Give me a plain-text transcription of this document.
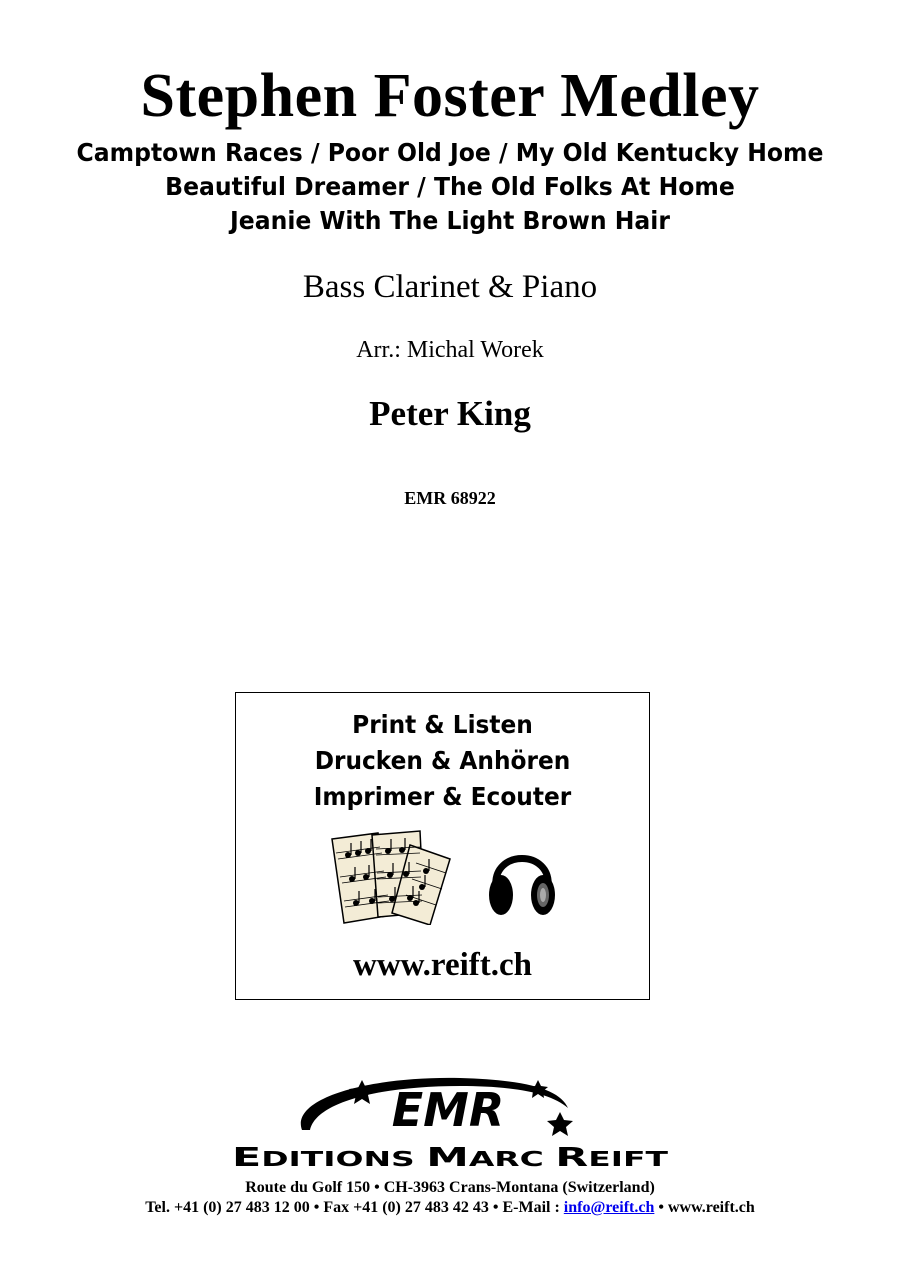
Stephen Foster Medley
Camptown Races / Poor Old Joe / My Old Kentucky Home
Beautiful Dreamer / The Old Folks At Home
Jeanie With The Light Brown Hair
Bass Clarinet & Piano
Arr.: Michal Worek
Peter King
EMR 68922
Print & Listen
Drucken & Anhören
Imprimer & Ecouter
www.reift.ch
EMR
E DITIONS M ARC R EIFT
Route du Golf 150 • CH-3963 Crans-Montana (Switzerland)
Tel. +41 (0) 27 483 12 00 • Fax +41 (0) 27 483 42 43 • E-Mail : info@reift.ch • www.reift.ch
